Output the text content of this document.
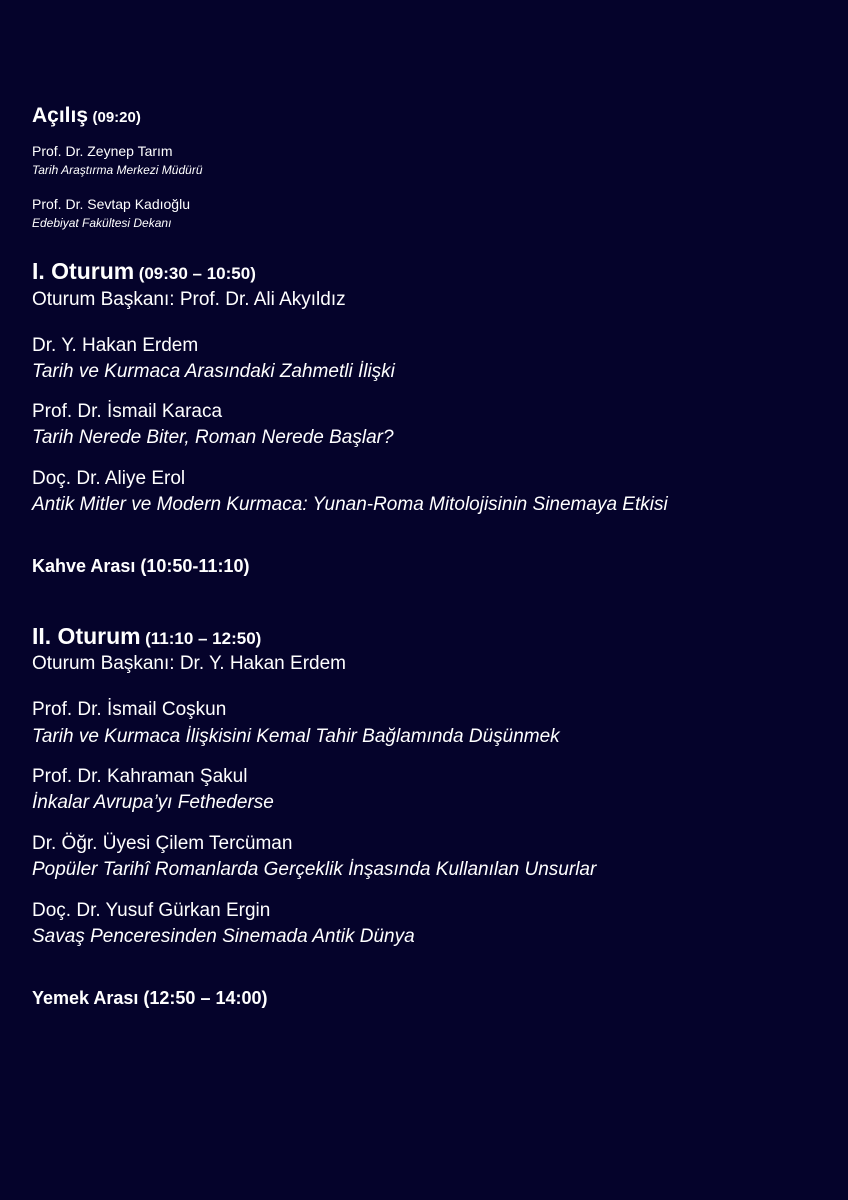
Açılış (09:20)
Prof. Dr. Zeynep Tarım
Tarih Araştırma Merkezi Müdürü
Prof. Dr. Sevtap Kadıoğlu
Edebiyat Fakültesi Dekanı
I. Oturum (09:30 – 10:50)
Oturum Başkanı: Prof. Dr. Ali Akyıldız
Dr. Y. Hakan Erdem
Tarih ve Kurmaca Arasındaki Zahmetli İlişki
Prof. Dr. İsmail Karaca
Tarih Nerede Biter, Roman Nerede Başlar?
Doç. Dr. Aliye Erol
Antik Mitler ve Modern Kurmaca: Yunan-Roma Mitolojisinin Sinemaya Etkisi
Kahve Arası (10:50-11:10)
II. Oturum (11:10 – 12:50)
Oturum Başkanı: Dr. Y. Hakan Erdem
Prof. Dr. İsmail Coşkun
Tarih ve Kurmaca İlişkisini Kemal Tahir Bağlamında Düşünmek
Prof. Dr. Kahraman Şakul
İnkalar Avrupa’yı Fethederse
Dr. Öğr. Üyesi Çilem Tercüman
Popüler Tarihî Romanlarda Gerçeklik İnşasında Kullanılan Unsurlar
Doç. Dr. Yusuf Gürkan Ergin
Savaş Penceresinden Sinemada Antik Dünya
Yemek Arası (12:50 – 14:00)
